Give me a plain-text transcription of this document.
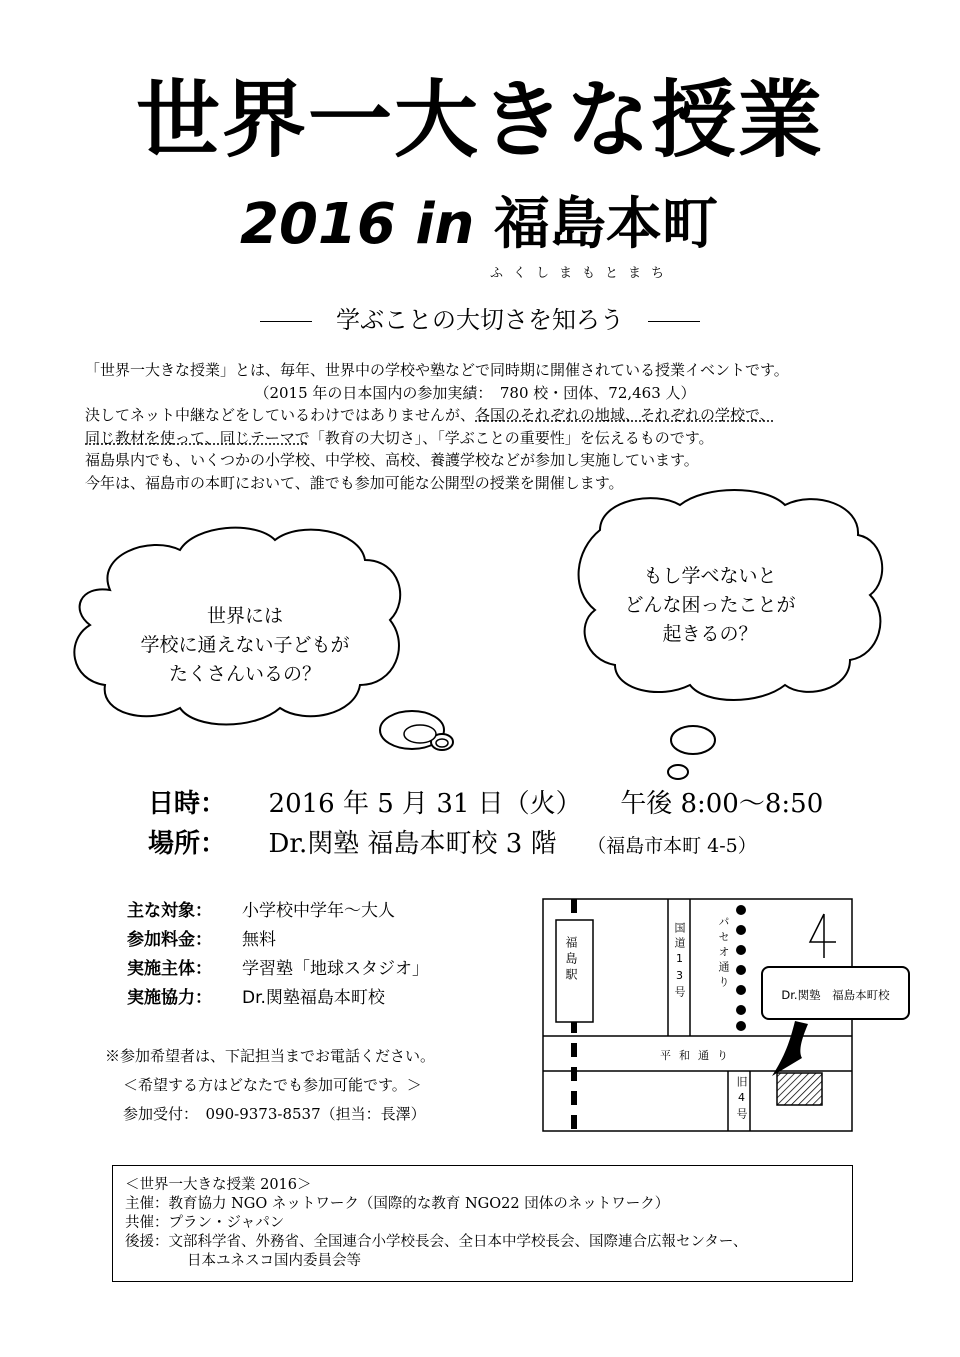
世界一大きな授業
2016 in 福島本町
ふくしまもとまち
学ぶことの大切さを知ろう

「世界一大きな授業」とは、毎年、世界中の学校や塾などで同時期に開催されている授業イベントです。

（2015 年の日本国内の参加実績：　780 校・団体、72,463 人）

決してネット中継などをしているわけではありませんが、各国のそれぞれの地域、それぞれの学校で、

同じ教材を使って、同じテーマで「教育の大切さ」、「学ぶことの重要性」を伝えるものです。

福島県内でも、いくつかの小学校、中学校、高校、養護学校などが参加し実施しています。

今年は、福島市の本町において、誰でも参加可能な公開型の授業を開催します。

世界には

学校に通えない子どもが

たくさんいるの？

もし学べないと

どんな困ったことが

起きるの？

日時： 2016 年 5 月 31 日（火） 午後 8:00～8:50
場所： Dr.関塾 福島本町校 3 階 （福島市本町 4-5）
主な対象： 小学校中学年～大人
参加料金： 無料
実施主体： 学習塾「地球スタジオ」
実施協力： Dr.関塾福島本町校

※参加希望者は、下記担当までお電話ください。

＜希望する方はどなたでも参加可能です。＞

参加受付：　090-9373-8537（担当：長澤）

福島駅	国道13号	パセオ通り
平和通り
旧4号
Dr.関塾　福島本町校

＜世界一大きな授業 2016＞

主催：教育協力 NGO ネットワーク（国際的な教育 NGO22 団体のネットワーク）

共催：プラン・ジャパン

後援：文部科学省、外務省、全国連合小学校長会、全日本中学校長会、国際連合広報センター、

日本ユネスコ国内委員会等
